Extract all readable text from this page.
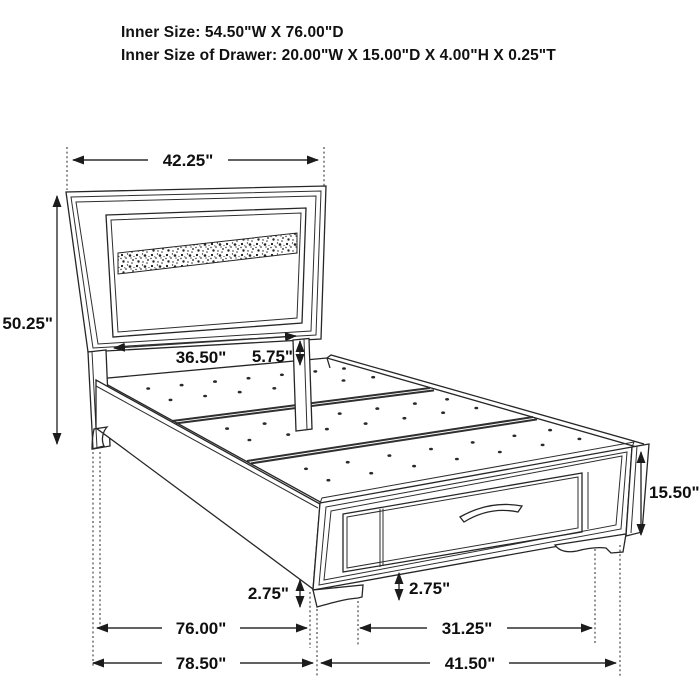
Inner Size: 54.50"W X 76.00"D
Inner Size of Drawer: 20.00"W X 15.00"D X 4.00"H X 0.25"T
42.25"
50.25"
36.50" 5.75"
15.50"
2.75"	2.75"
76.00"
78.50"
31.25"
41.50"
